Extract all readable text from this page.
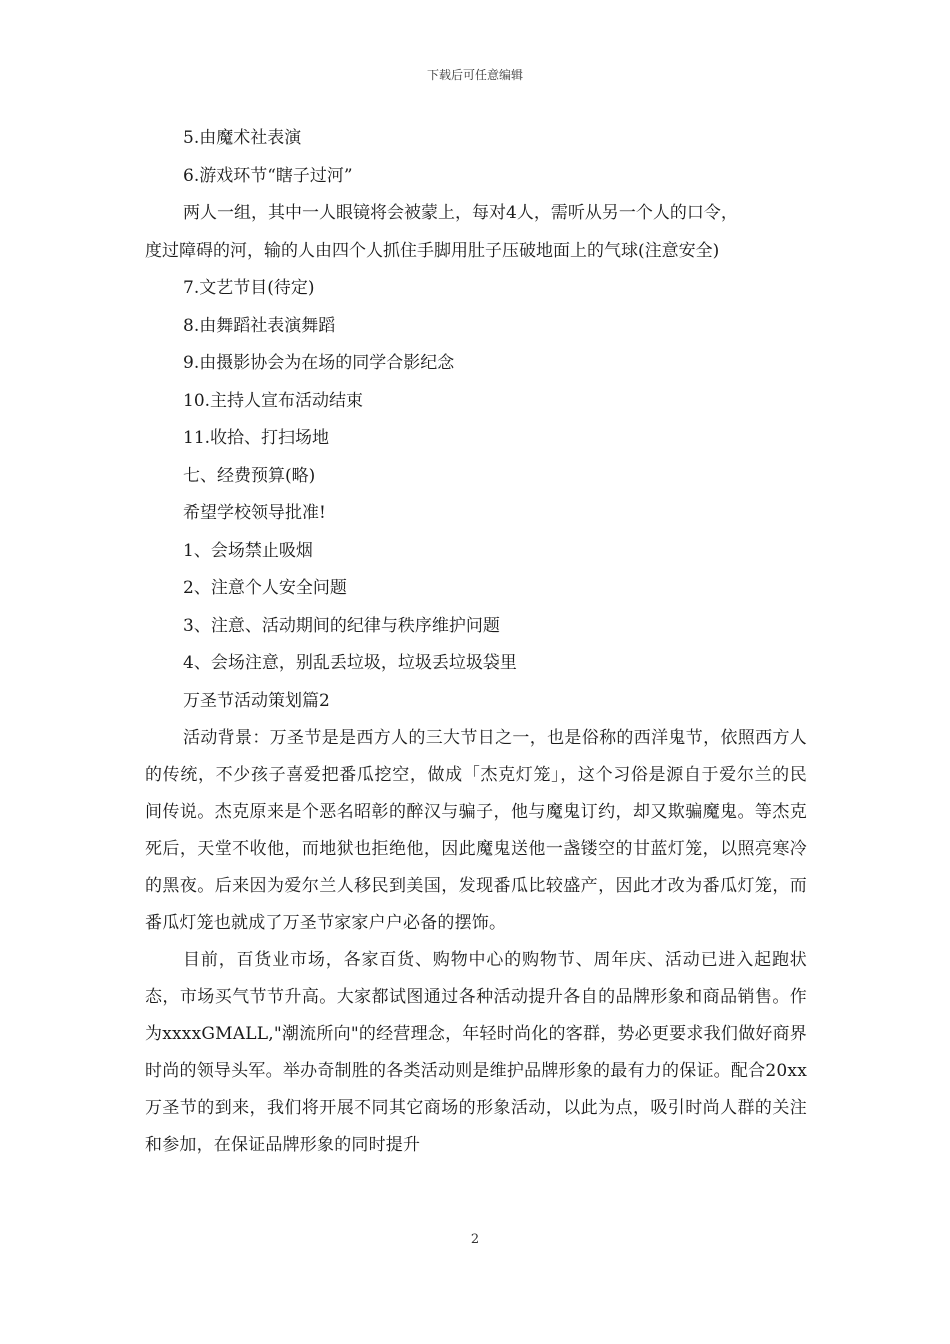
下载后可任意编辑
5.由魔术社表演
6.游戏环节“瞎子过河”
两人一组，其中一人眼镜将会被蒙上，每对4人，需听从另一个人的口令，
度过障碍的河，输的人由四个人抓住手脚用肚子压破地面上的气球(注意安全)
7.文艺节目(待定)
8.由舞蹈社表演舞蹈
9.由摄影协会为在场的同学合影纪念
10.主持人宣布活动结束
11.收拾、打扫场地
七、经费预算(略)
希望学校领导批准!
1、会场禁止吸烟
2、注意个人安全问题
3、注意、活动期间的纪律与秩序维护问题
4、会场注意，别乱丢垃圾，垃圾丢垃圾袋里
万圣节活动策划篇2

活动背景：万圣节是是西方人的三大节日之一，也是俗称的西洋鬼节，依照西方人的传统，不少孩子喜爱把番瓜挖空，做成「杰克灯笼」，这个习俗是源自于爱尔兰的民间传说。杰克原来是个恶名昭彰的醉汉与骗子，他与魔鬼订约，却又欺骗魔鬼。等杰克死后，天堂不收他，而地狱也拒绝他，因此魔鬼送他一盏镂空的甘蓝灯笼，以照亮寒冷的黑夜。后来因为爱尔兰人移民到美国，发现番瓜比较盛产，因此才改为番瓜灯笼，而番瓜灯笼也就成了万圣节家家户户必备的摆饰。

目前，百货业市场，各家百货、购物中心的购物节、周年庆、活动已进入起跑状态，市场买气节节升高。大家都试图通过各种活动提升各自的品牌形象和商品销售。作为xxxxGMALL,"潮流所向"的经营理念，年轻时尚化的客群，势必更要求我们做好商界时尚的领导头军。举办奇制胜的各类活动则是维护品牌形象的最有力的保证。配合20xx万圣节的到来，我们将开展不同其它商场的形象活动，以此为点，吸引时尚人群的关注和参加，在保证品牌形象的同时提升

2
